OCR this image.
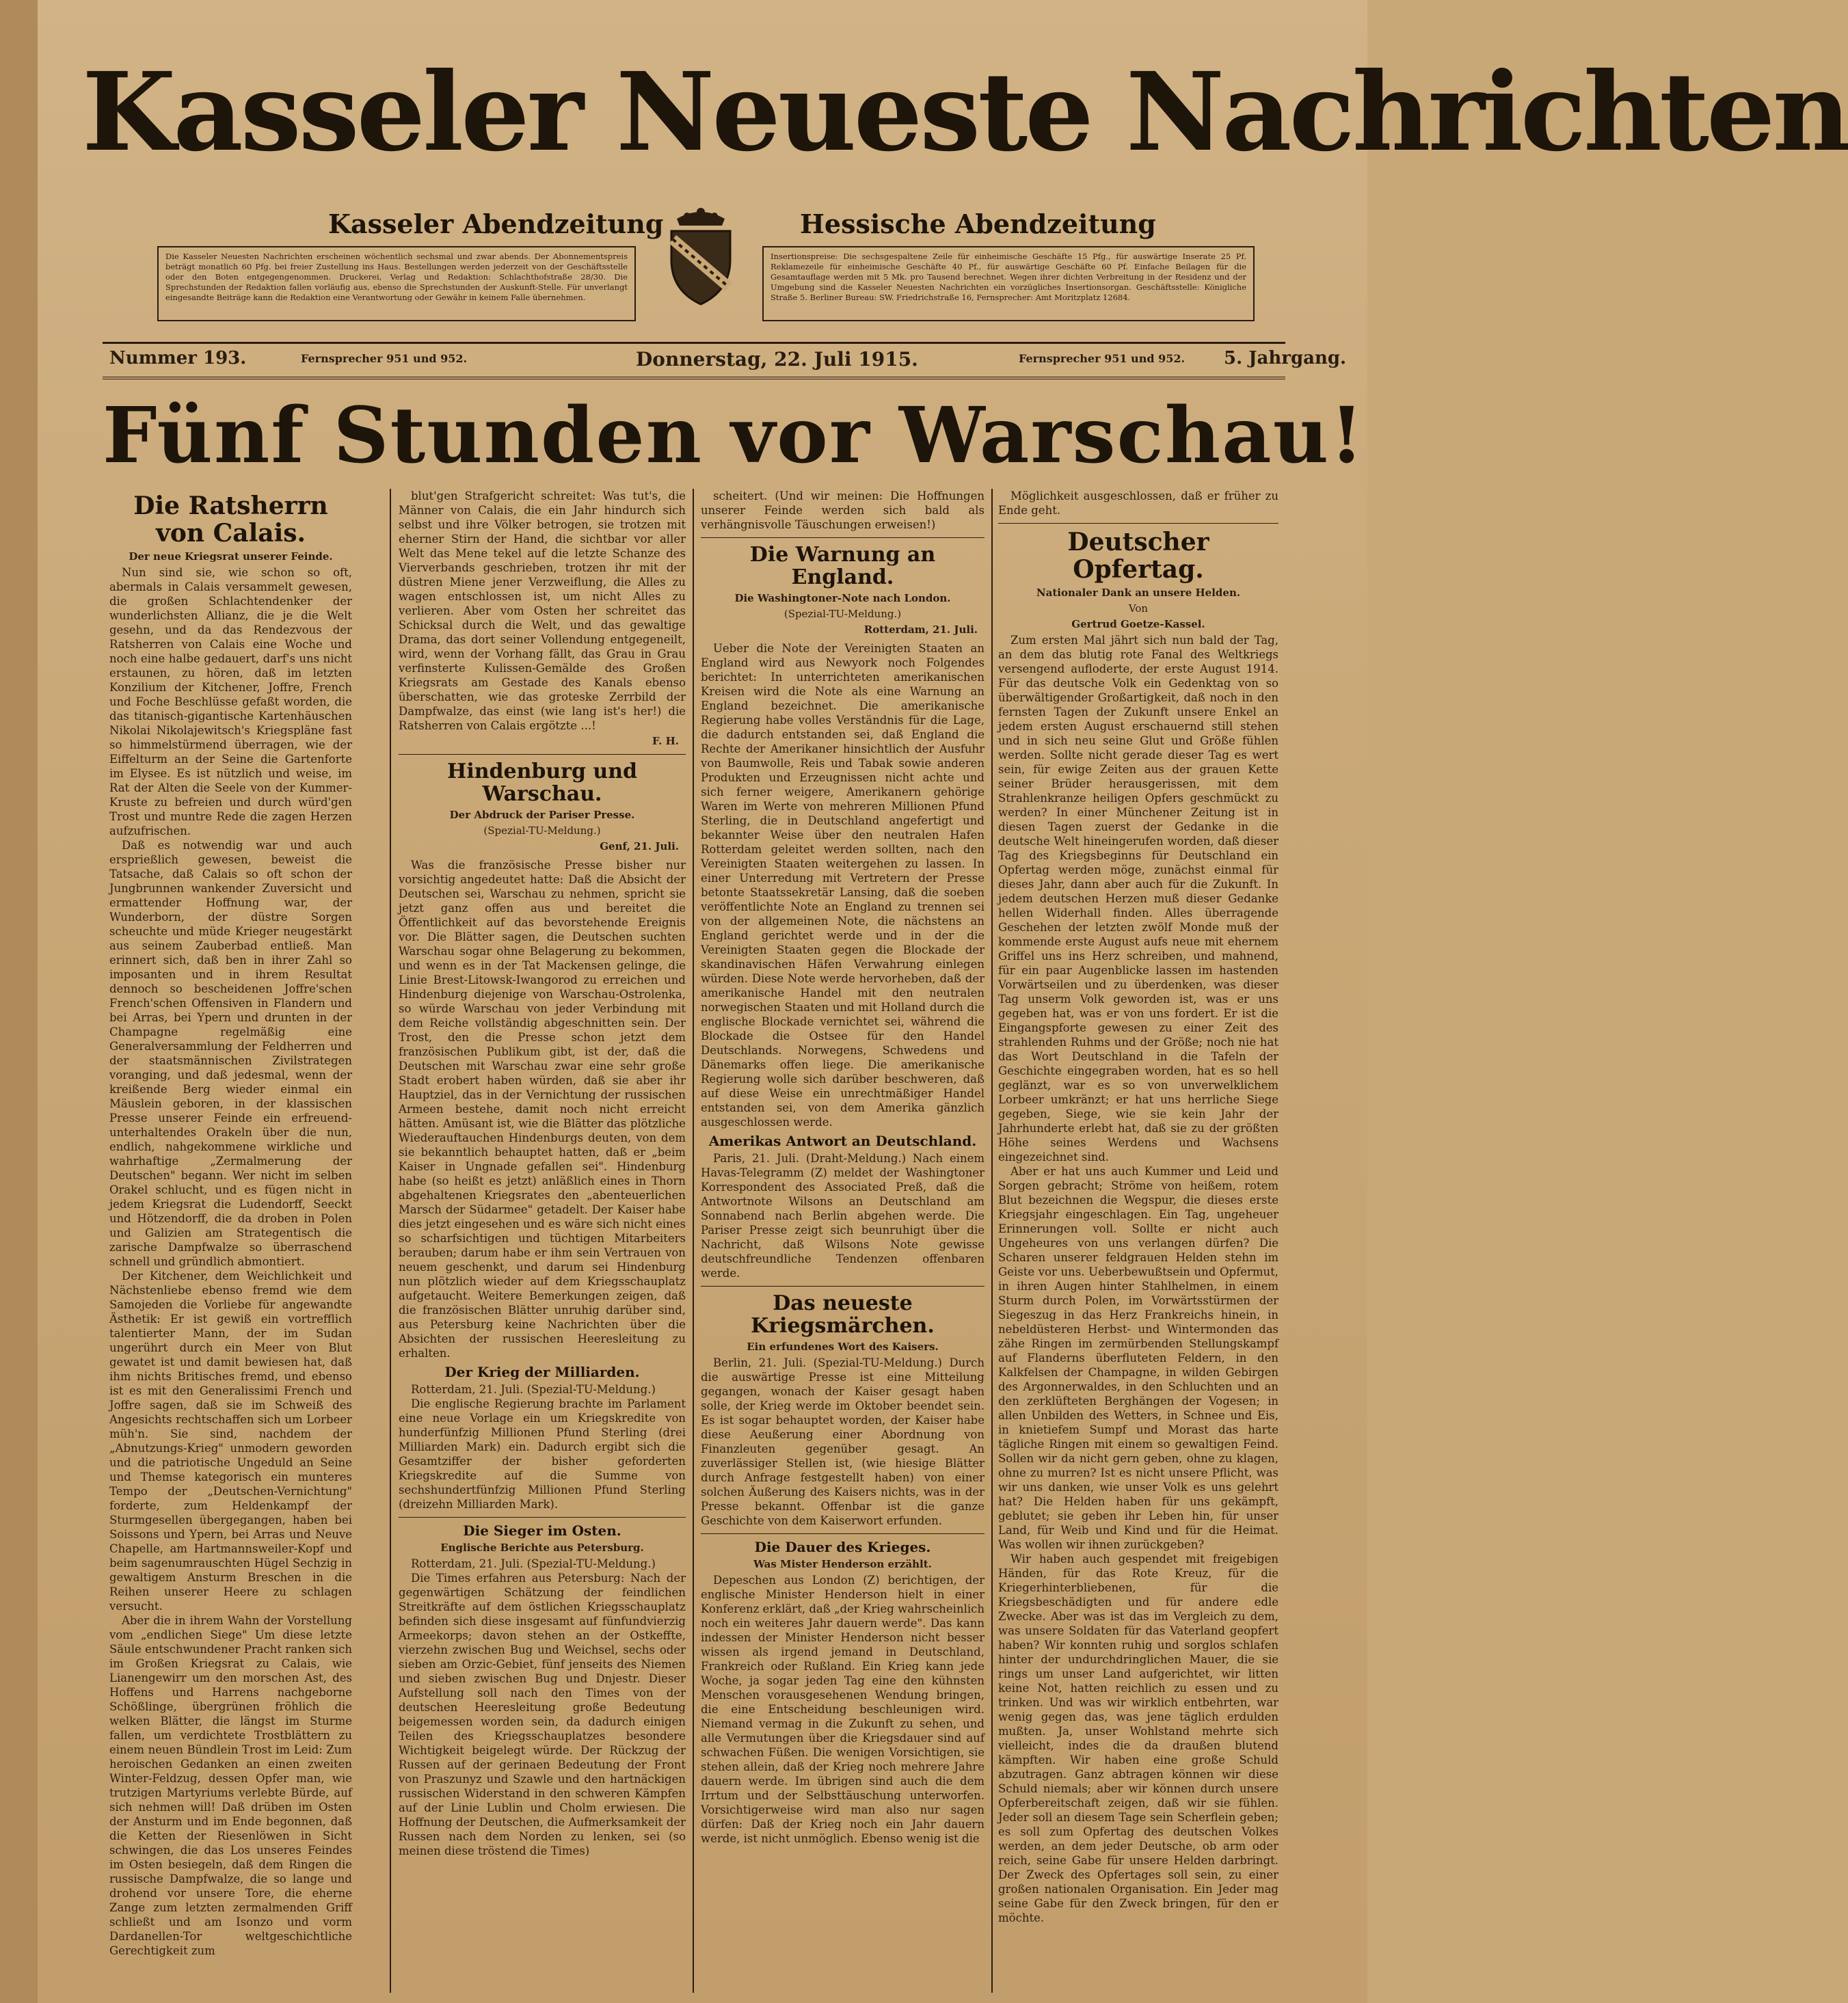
Kasseler Neueste Nachrichten
Kasseler Abendzeitung	Hessische Abendzeitung
Die Kasseler Neuesten Nachrichten erscheinen wöchentlich sechsmal und zwar abends. Der Abonnementspreis beträgt monatlich 60 Pfg. bei freier Zustellung ins Haus. Bestellungen werden jederzeit von der Geschäftsstelle oder den Boten entgegengenommen. Druckerei, Verlag und Redaktion: Schlachthofstraße 28/30. Die Sprechstunden der Redaktion fallen vorläufig aus, ebenso die Sprechstunden der Auskunft-Stelle. Für unverlangt eingesandte Beiträge kann die Redaktion eine Verantwortung oder Gewähr in keinem Falle übernehmen.
Insertionspreise: Die sechsgespaltene Zeile für einheimische Geschäfte 15 Pfg., für auswärtige Inserate 25 Pf. Reklamezeile für einheimische Geschäfte 40 Pf., für auswärtige Geschäfte 60 Pf. Einfache Beilagen für die Gesamtauflage werden mit 5 Mk. pro Tausend berechnet. Wegen ihrer dichten Verbreitung in der Residenz und der Umgebung sind die Kasseler Neuesten Nachrichten ein vorzügliches Insertionsorgan. Geschäftsstelle: Königliche Straße 5. Berliner Bureau: SW. Friedrichstraße 16, Fernsprecher: Amt Moritzplatz 12684.
Nummer 193.	Fernsprecher 951 und 952.	Donnerstag, 22. Juli 1915.	Fernsprecher 951 und 952. 5. Jahrgang.
Fünf Stunden vor Warschau!
Die Ratsherrn von Calais.
Der neue Kriegsrat unserer Feinde.

Nun sind sie, wie schon so oft, abermals in Calais versammelt gewesen, die großen Schlachtendenker der wunderlichsten Allianz, die je die Welt gesehn, und da das Rendezvous der Ratsherren von Calais eine Woche und noch eine halbe gedauert, darf's uns nicht erstaunen, zu hören, daß im letzten Konzilium der Kitchener, Joffre, French und Foche Beschlüsse gefaßt worden, die das titanisch-gigantische Kartenhäuschen Nikolai Nikolajewitsch's Kriegspläne fast so himmelstürmend überragen, wie der Eiffelturm an der Seine die Gartenforte im Elysee. Es ist nützlich und weise, im Rat der Alten die Seele von der Kummer-Kruste zu befreien und durch würd'gen Trost und muntre Rede die zagen Herzen aufzufrischen.

Daß es notwendig war und auch ersprießlich gewesen, beweist die Tatsache, daß Calais so oft schon der Jungbrunnen wankender Zuversicht und ermattender Hoffnung war, der Wunderborn, der düstre Sorgen scheuchte und müde Krieger neugestärkt aus seinem Zauberbad entließ. Man erinnert sich, daß ben in ihrer Zahl so imposanten und in ihrem Resultat dennoch so bescheidenen Joffre'schen French'schen Offensiven in Flandern und bei Arras, bei Ypern und drunten in der Champagne regelmäßig eine Generalversammlung der Feldherren und der staatsmännischen Zivilstrategen voranging, und daß jedesmal, wenn der kreißende Berg wieder einmal ein Mäuslein geboren, in der klassischen Presse unserer Feinde ein erfreuend-unterhaltendes Orakeln über die nun, endlich, nahgekommene wirkliche und wahrhaftige „Zermalmerung der Deutschen" begann. Wer nicht im selben Orakel schlucht, und es fügen nicht in jedem Kriegsrat die Ludendorff, Seeckt und Hötzendorff, die da droben in Polen und Galizien am Strategentisch die zarische Dampfwalze so überraschend schnell und gründlich abmontiert.

Der Kitchener, dem Weichlichkeit und Nächstenliebe ebenso fremd wie dem Samojeden die Vorliebe für angewandte Ästhetik: Er ist gewiß ein vortrefflich talentierter Mann, der im Sudan ungerührt durch ein Meer von Blut gewatet ist und damit bewiesen hat, daß ihm nichts Britisches fremd, und ebenso ist es mit den Generalissimi French und Joffre sagen, daß sie im Schweiß des Angesichts rechtschaffen sich um Lorbeer müh'n. Sie sind, nachdem der „Abnutzungs-Krieg" unmodern geworden und die patriotische Ungeduld an Seine und Themse kategorisch ein munteres Tempo der „Deutschen-Vernichtung" forderte, zum Heldenkampf der Sturmgesellen übergegangen, haben bei Soissons und Ypern, bei Arras und Neuve Chapelle, am Hartmannsweiler-Kopf und beim sagenumrauschten Hügel Sechzig in gewaltigem Ansturm Breschen in die Reihen unserer Heere zu schlagen versucht.

Aber die in ihrem Wahn der Vorstellung vom „endlichen Siege" Um diese letzte Säule entschwundener Pracht ranken sich im Großen Kriegsrat zu Calais, wie Lianengewirr um den morschen Ast, des Hoffens und Harrens nachgeborne Schößlinge, übergrünen fröhlich die welken Blätter, die längst im Sturme fallen, um verdichtete Trostblättern zu einem neuen Bündlein Trost im Leid: Zum heroischen Gedanken an einen zweiten Winter-Feldzug, dessen Opfer man, wie trutzigen Martyriums verlebte Bürde, auf sich nehmen will! Daß drüben im Osten der Ansturm und im Ende begonnen, daß die Ketten der Riesenlöwen in Sicht schwingen, die das Los unseres Feindes im Osten besiegeln, daß dem Ringen die russische Dampfwalze, die so lange und drohend vor unsere Tore, die eherne Zange zum letzten zermalmenden Griff schließt und am Isonzo und vorm Dardanellen-Tor weltgeschichtliche Gerechtigkeit zum

blut'gen Strafgericht schreitet: Was tut's, die Männer von Calais, die ein Jahr hindurch sich selbst und ihre Völker betrogen, sie trotzen mit eherner Stirn der Hand, die sichtbar vor aller Welt das Mene tekel auf die letzte Schanze des Vierverbands geschrieben, trotzen ihr mit der düstren Miene jener Verzweiflung, die Alles zu wagen entschlossen ist, um nicht Alles zu verlieren. Aber vom Osten her schreitet das Schicksal durch die Welt, und das gewaltige Drama, das dort seiner Vollendung entgegeneilt, wird, wenn der Vorhang fällt, das Grau in Grau verfinsterte Kulissen-Gemälde des Großen Kriegsrats am Gestade des Kanals ebenso überschatten, wie das groteske Zerrbild der Dampfwalze, das einst (wie lang ist's her!) die Ratsherren von Calais ergötzte ...!

F. H.
Hindenburg und Warschau.
Der Abdruck der Pariser Presse.
(Spezial-TU-Meldung.)
Genf, 21. Juli.

Was die französische Presse bisher nur vorsichtig angedeutet hatte: Daß die Absicht der Deutschen sei, Warschau zu nehmen, spricht sie jetzt ganz offen aus und bereitet die Öffentlichkeit auf das bevorstehende Ereignis vor. Die Blätter sagen, die Deutschen suchten Warschau sogar ohne Belagerung zu bekommen, und wenn es in der Tat Mackensen gelinge, die Linie Brest-Litowsk-Iwangorod zu erreichen und Hindenburg diejenige von Warschau-Ostrolenka, so würde Warschau von jeder Verbindung mit dem Reiche vollständig abgeschnitten sein. Der Trost, den die Presse schon jetzt dem französischen Publikum gibt, ist der, daß die Deutschen mit Warschau zwar eine sehr große Stadt erobert haben würden, daß sie aber ihr Hauptziel, das in der Vernichtung der russischen Armeen bestehe, damit noch nicht erreicht hätten. Amüsant ist, wie die Blätter das plötzliche Wiederauftauchen Hindenburgs deuten, von dem sie bekanntlich behauptet hatten, daß er „beim Kaiser in Ungnade gefallen sei". Hindenburg habe (so heißt es jetzt) anläßlich eines in Thorn abgehaltenen Kriegsrates den „abenteuerlichen Marsch der Südarmee" getadelt. Der Kaiser habe dies jetzt eingesehen und es wäre sich nicht eines so scharfsichtigen und tüchtigen Mitarbeiters berauben; darum habe er ihm sein Vertrauen von neuem geschenkt, und darum sei Hindenburg nun plötzlich wieder auf dem Kriegsschauplatz aufgetaucht. Weitere Bemerkungen zeigen, daß die französischen Blätter unruhig darüber sind, aus Petersburg keine Nachrichten über die Absichten der russischen Heeresleitung zu erhalten.

Der Krieg der Milliarden.

Rotterdam, 21. Juli. (Spezial-TU-Meldung.)

Die englische Regierung brachte im Parlament eine neue Vorlage ein um Kriegskredite von hunderfünfzig Millionen Pfund Sterling (drei Milliarden Mark) ein. Dadurch ergibt sich die Gesamtziffer der bisher geforderten Kriegskredite auf die Summe von sechshundertfünfzig Millionen Pfund Sterling (dreizehn Milliarden Mark).

Die Sieger im Osten.
Englische Berichte aus Petersburg.

Rotterdam, 21. Juli. (Spezial-TU-Meldung.)

Die Times erfahren aus Petersburg: Nach der gegenwärtigen Schätzung der feindlichen Streitkräfte auf dem östlichen Kriegsschauplatz befinden sich diese insgesamt auf fünfundvierzig Armeekorps; davon stehen an der Ostkeffte, vierzehn zwischen Bug und Weichsel, sechs oder sieben am Orzic-Gebiet, fünf jenseits des Niemen und sieben zwischen Bug und Dnjestr. Dieser Aufstellung soll nach den Times von der deutschen Heeresleitung große Bedeutung beigemessen worden sein, da dadurch einigen Teilen des Kriegsschauplatzes besondere Wichtigkeit beigelegt würde. Der Rückzug der Russen auf der gerinaen Bedeutung der Front von Praszunyz und Szawle und den hartnäckigen russischen Widerstand in den schweren Kämpfen auf der Linie Lublin und Cholm erwiesen. Die Hoffnung der Deutschen, die Aufmerksamkeit der Russen nach dem Norden zu lenken, sei (so meinen diese tröstend die Times)

scheitert. (Und wir meinen: Die Hoffnungen unserer Feinde werden sich bald als verhängnisvolle Täuschungen erweisen!)

Die Warnung an England.
Die Washingtoner-Note nach London.
(Spezial-TU-Meldung.)
Rotterdam, 21. Juli.

Ueber die Note der Vereinigten Staaten an England wird aus Newyork noch Folgendes berichtet: In unterrichteten amerikanischen Kreisen wird die Note als eine Warnung an England bezeichnet. Die amerikanische Regierung habe volles Verständnis für die Lage, die dadurch entstanden sei, daß England die Rechte der Amerikaner hinsichtlich der Ausfuhr von Baumwolle, Reis und Tabak sowie anderen Produkten und Erzeugnissen nicht achte und sich ferner weigere, Amerikanern gehörige Waren im Werte von mehreren Millionen Pfund Sterling, die in Deutschland angefertigt und bekannter Weise über den neutralen Hafen Rotterdam geleitet werden sollten, nach den Vereinigten Staaten weitergehen zu lassen. In einer Unterredung mit Vertretern der Presse betonte Staatssekretär Lansing, daß die soeben veröffentlichte Note an England zu trennen sei von der allgemeinen Note, die nächstens an England gerichtet werde und in der die Vereinigten Staaten gegen die Blockade der skandinavischen Häfen Verwahrung einlegen würden. Diese Note werde hervorheben, daß der amerikanische Handel mit den neutralen norwegischen Staaten und mit Holland durch die englische Blockade vernichtet sei, während die Blockade die Ostsee für den Handel Deutschlands. Norwegens, Schwedens und Dänemarks offen liege. Die amerikanische Regierung wolle sich darüber beschweren, daß auf diese Weise ein unrechtmäßiger Handel entstanden sei, von dem Amerika gänzlich ausgeschlossen werde.

Amerikas Antwort an Deutschland.

Paris, 21. Juli. (Draht-Meldung.) Nach einem Havas-Telegramm (Z) meldet der Washingtoner Korrespondent des Associated Preß, daß die Antwortnote Wilsons an Deutschland am Sonnabend nach Berlin abgehen werde. Die Pariser Presse zeigt sich beunruhigt über die Nachricht, daß Wilsons Note gewisse deutschfreundliche Tendenzen offenbaren werde.

Das neueste Kriegsmärchen.
Ein erfundenes Wort des Kaisers.

Berlin, 21. Juli. (Spezial-TU-Meldung.) Durch die auswärtige Presse ist eine Mitteilung gegangen, wonach der Kaiser gesagt haben solle, der Krieg werde im Oktober beendet sein. Es ist sogar behauptet worden, der Kaiser habe diese Aeußerung einer Abordnung von Finanzleuten gegenüber gesagt. An zuverlässiger Stellen ist, (wie hiesige Blätter durch Anfrage festgestellt haben) von einer solchen Äußerung des Kaisers nichts, was in der Presse bekannt. Offenbar ist die ganze Geschichte von dem Kaiserwort erfunden.

Die Dauer des Krieges.
Was Mister Henderson erzählt.

Depeschen aus London (Z) berichtigen, der englische Minister Henderson hielt in einer Konferenz erklärt, daß „der Krieg wahrscheinlich noch ein weiteres Jahr dauern werde". Das kann indessen der Minister Henderson nicht besser wissen als irgend jemand in Deutschland, Frankreich oder Rußland. Ein Krieg kann jede Woche, ja sogar jeden Tag eine den kühnsten Menschen vorausgesehenen Wendung bringen, die eine Entscheidung beschleunigen wird. Niemand vermag in die Zukunft zu sehen, und alle Vermutungen über die Kriegsdauer sind auf schwachen Füßen. Die wenigen Vorsichtigen, sie stehen allein, daß der Krieg noch mehrere Jahre dauern werde. Im übrigen sind auch die dem Irrtum und der Selbsttäuschung unterworfen. Vorsichtigerweise wird man also nur sagen dürfen: Daß der Krieg noch ein Jahr dauern werde, ist nicht unmöglich. Ebenso wenig ist die

Möglichkeit ausgeschlossen, daß er früher zu Ende geht.

Deutscher Opfertag.
Nationaler Dank an unsere Helden.
Von
Gertrud Goetze-Kassel.

Zum ersten Mal jährt sich nun bald der Tag, an dem das blutig rote Fanal des Weltkriegs versengend aufloderte, der erste August 1914. Für das deutsche Volk ein Gedenktag von so überwältigender Großartigkeit, daß noch in den fernsten Tagen der Zukunft unsere Enkel an jedem ersten August erschauernd still stehen und in sich neu seine Glut und Größe fühlen werden. Sollte nicht gerade dieser Tag es wert sein, für ewige Zeiten aus der grauen Kette seiner Brüder herausgerissen, mit dem Strahlenkranze heiligen Opfers geschmückt zu werden? In einer Münchener Zeitung ist in diesen Tagen zuerst der Gedanke in die deutsche Welt hineingerufen worden, daß dieser Tag des Kriegsbeginns für Deutschland ein Opfertag werden möge, zunächst einmal für dieses Jahr, dann aber auch für die Zukunft. In jedem deutschen Herzen muß dieser Gedanke hellen Widerhall finden. Alles überragende Geschehen der letzten zwölf Monde muß der kommende erste August aufs neue mit ehernem Griffel uns ins Herz schreiben, und mahnend, für ein paar Augenblicke lassen im hastenden Vorwärtseilen und zu überdenken, was dieser Tag unserm Volk geworden ist, was er uns gegeben hat, was er von uns fordert. Er ist die Eingangspforte gewesen zu einer Zeit des strahlenden Ruhms und der Größe; noch nie hat das Wort Deutschland in die Tafeln der Geschichte eingegraben worden, hat es so hell geglänzt, war es so von unverwelklichem Lorbeer umkränzt; er hat uns herrliche Siege gegeben, Siege, wie sie kein Jahr der Jahrhunderte erlebt hat, daß sie zu der größten Höhe seines Werdens und Wachsens eingezeichnet sind.

Aber er hat uns auch Kummer und Leid und Sorgen gebracht; Ströme von heißem, rotem Blut bezeichnen die Wegspur, die dieses erste Kriegsjahr eingeschlagen. Ein Tag, ungeheuer Erinnerungen voll. Sollte er nicht auch Ungeheures von uns verlangen dürfen? Die Scharen unserer feldgrauen Helden stehn im Geiste vor uns. Ueberbewußtsein und Opfermut, in ihren Augen hinter Stahlhelmen, in einem Sturm durch Polen, im Vorwärtsstürmen der Siegeszug in das Herz Frankreichs hinein, in nebeldüsteren Herbst- und Wintermonden das zähe Ringen im zermürbenden Stellungskampf auf Flanderns überfluteten Feldern, in den Kalkfelsen der Champagne, in wilden Gebirgen des Argonnerwaldes, in den Schluchten und an den zerklüfteten Berghängen der Vogesen; in allen Unbilden des Wetters, in Schnee und Eis, in knietiefem Sumpf und Morast das harte tägliche Ringen mit einem so gewaltigen Feind. Sollen wir da nicht gern geben, ohne zu klagen, ohne zu murren? Ist es nicht unsere Pflicht, was wir uns danken, wie unser Volk es uns gelehrt hat? Die Helden haben für uns gekämpft, geblutet; sie geben ihr Leben hin, für unser Land, für Weib und Kind und für die Heimat. Was wollen wir ihnen zurückgeben?

Wir haben auch gespendet mit freigebigen Händen, für das Rote Kreuz, für die Kriegerhinterbliebenen, für die Kriegsbeschädigten und für andere edle Zwecke. Aber was ist das im Vergleich zu dem, was unsere Soldaten für das Vaterland geopfert haben? Wir konnten ruhig und sorglos schlafen hinter der undurchdringlichen Mauer, die sie rings um unser Land aufgerichtet, wir litten keine Not, hatten reichlich zu essen und zu trinken. Und was wir wirklich entbehrten, war wenig gegen das, was jene täglich erdulden mußten. Ja, unser Wohlstand mehrte sich vielleicht, indes die da draußen blutend kämpften. Wir haben eine große Schuld abzutragen. Ganz abtragen können wir diese Schuld niemals; aber wir können durch unsere Opferbereitschaft zeigen, daß wir sie fühlen. Jeder soll an diesem Tage sein Scherflein geben; es soll zum Opfertag des deutschen Volkes werden, an dem jeder Deutsche, ob arm oder reich, seine Gabe für unsere Helden darbringt. Der Zweck des Opfertages soll sein, zu einer großen nationalen Organisation. Ein Jeder mag seine Gabe für den Zweck bringen, für den er möchte.
